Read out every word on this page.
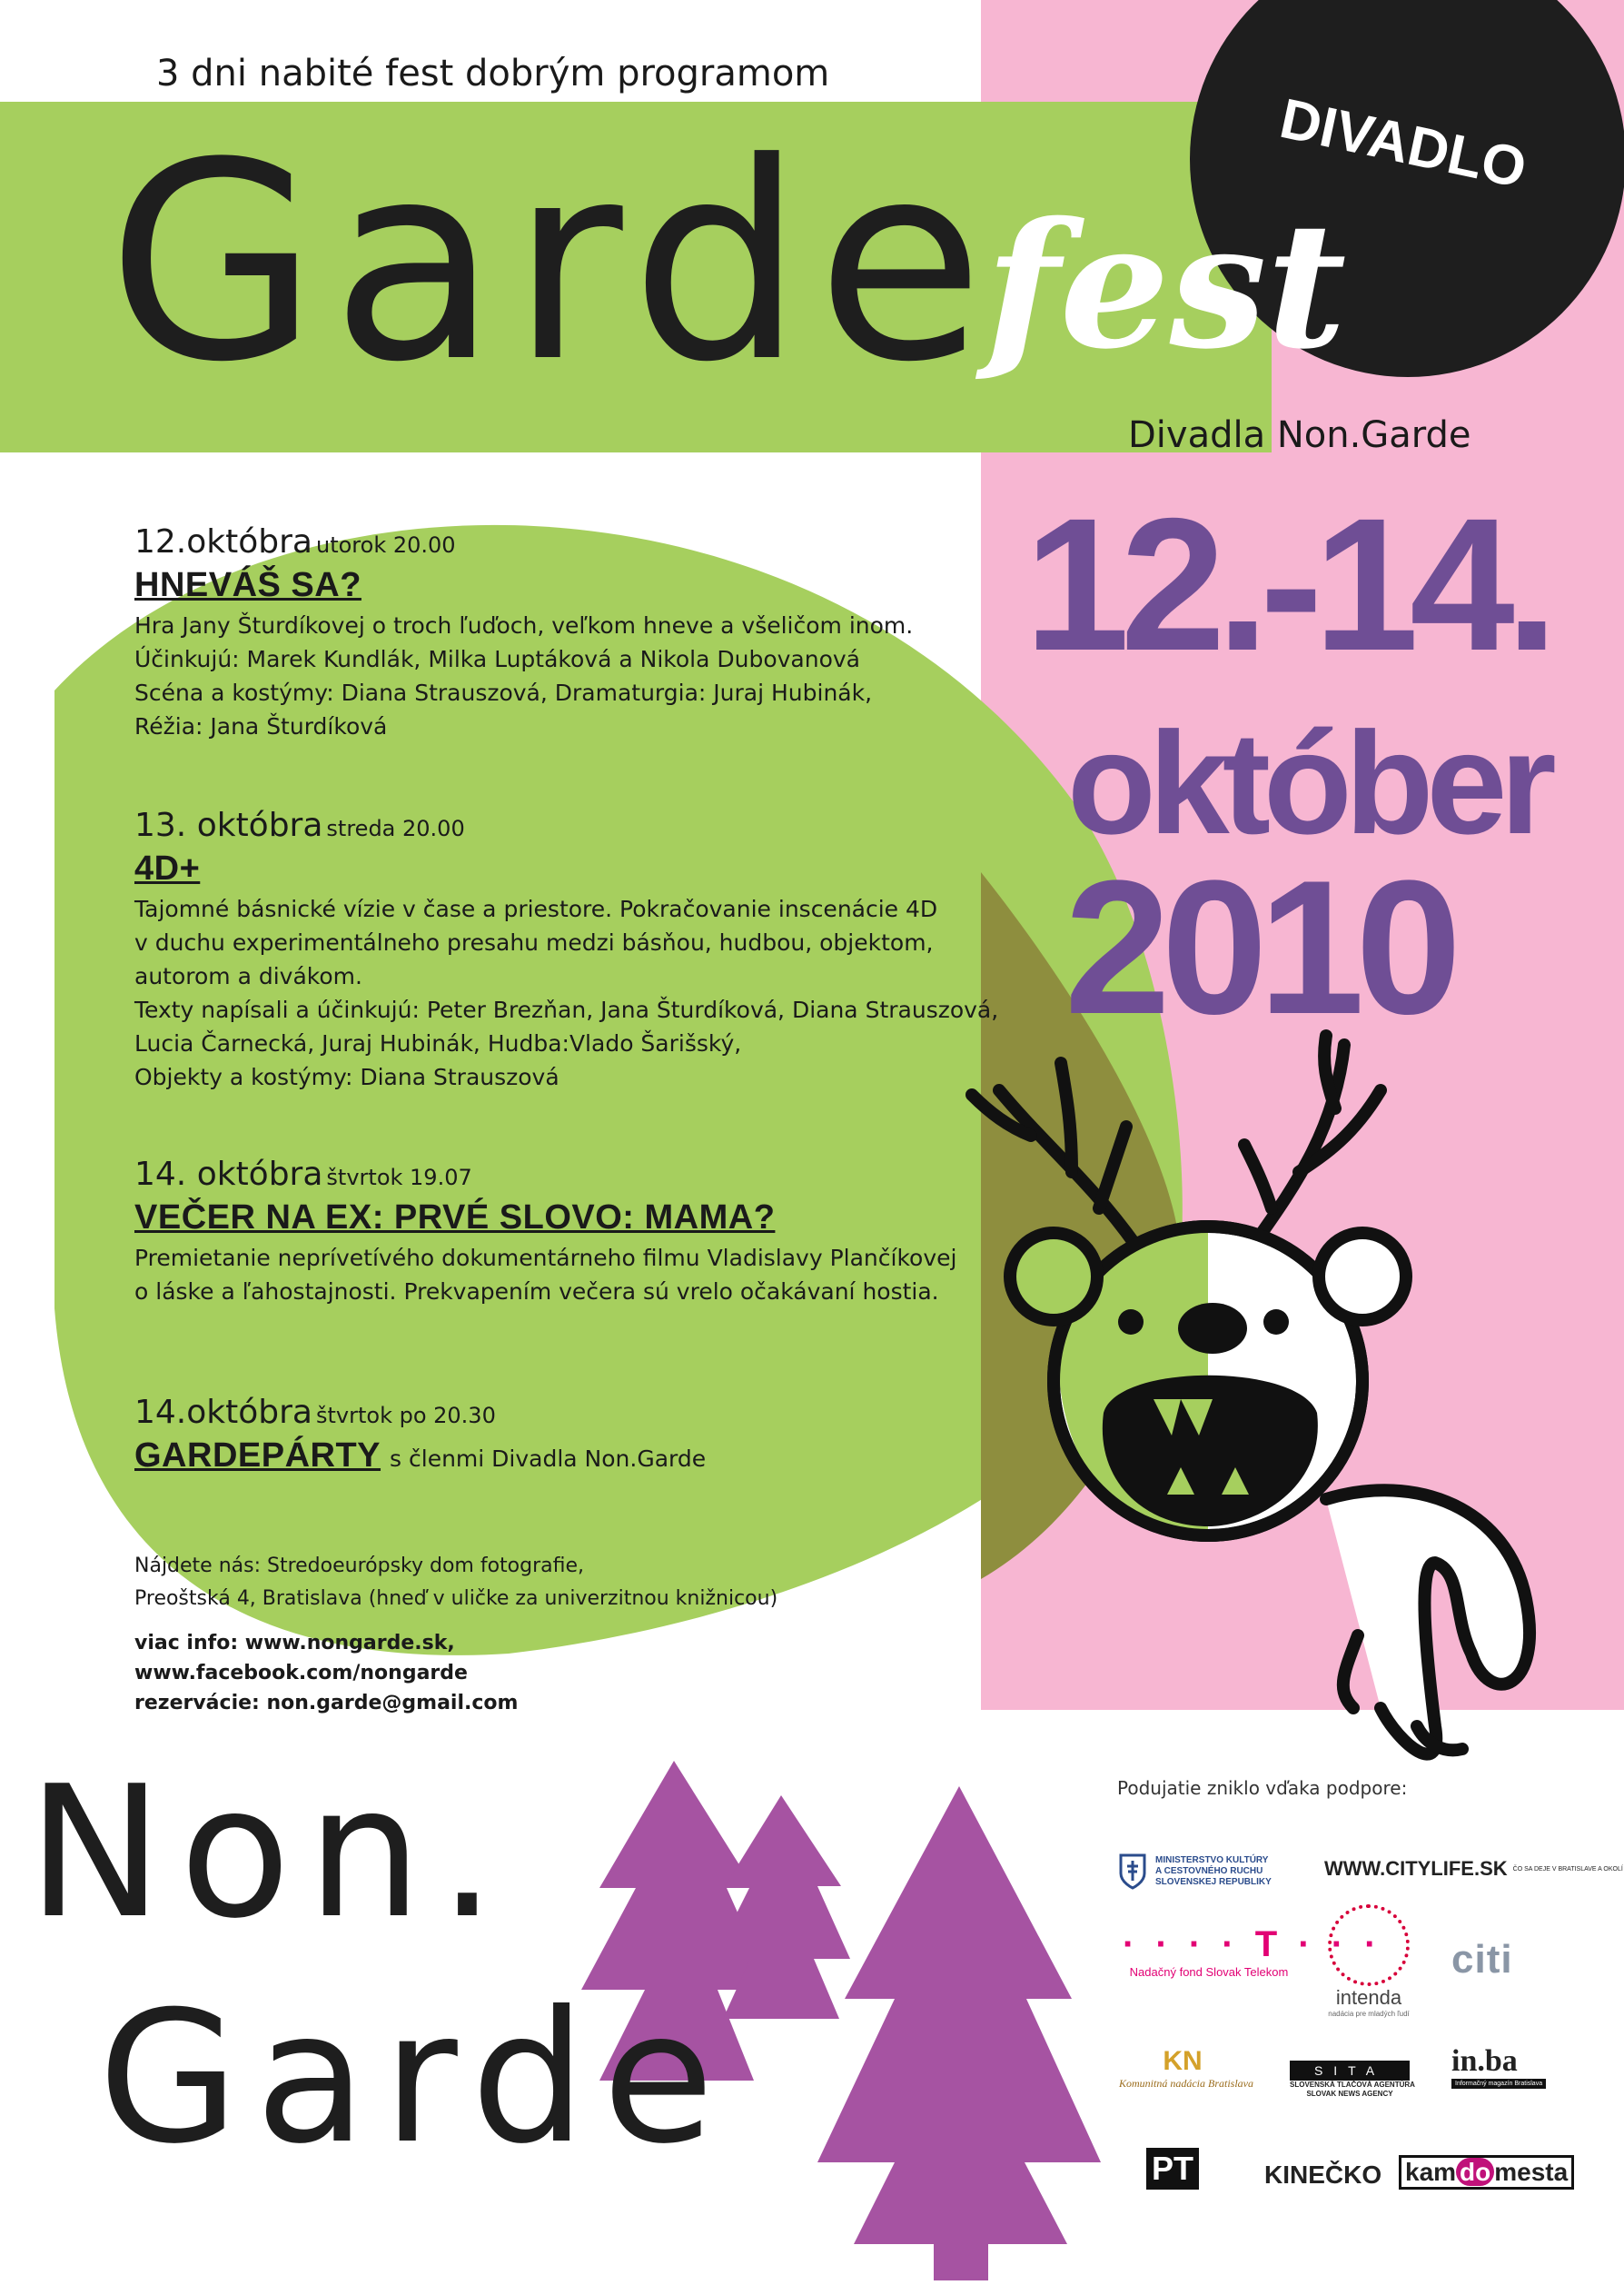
3 dni nabité fest dobrým programom
Garde
fest
DIVADLO
Divadla Non.Garde
12.-14.
október
2010
12.októbra utorok 20.00
HNEVÁŠ SA?
Hra Jany Šturdíkovej o troch ľuďoch, veľkom hneve a všeličom inom.
Účinkujú: Marek Kundlák, Milka Luptáková a Nikola Dubovanová
Scéna a kostýmy: Diana Strauszová, Dramaturgia: Juraj Hubinák,
Réžia: Jana Šturdíková
13. októbra streda 20.00
4D+
Tajomné básnické vízie v čase a priestore. Pokračovanie inscenácie 4D
v duchu experimentálneho presahu medzi básňou, hudbou, objektom,
autorom a divákom.
Texty napísali a účinkujú: Peter Brezňan, Jana Šturdíková, Diana Strauszová,
Lucia Čarnecká, Juraj Hubinák, Hudba:Vlado Šarišský,
Objekty a kostýmy: Diana Strauszová
14. októbra štvrtok 19.07
VEČER NA EX: PRVÉ SLOVO: MAMA?
Premietanie neprívetívého dokumentárneho filmu Vladislavy Plančíkovej
o láske a ľahostajnosti. Prekvapením večera sú vrelo očakávaní hostia.
14.októbra štvrtok po 20.30
GARDEPÁRTY s členmi Divadla Non.Garde
Nájdete nás: Stredoeurópsky dom fotografie,
Preoštská 4, Bratislava (hneď v uličke za univerzitnou knižnicou)
viac info: www.nongarde.sk,
www.facebook.com/nongarde
rezervácie: non.garde@gmail.com
Non.
Garde
Podujatie zniklo vďaka podpore:
MINISTERSTVO KULTÚRY
A CESTOVNÉHO RUCHU
SLOVENSKEJ REPUBLIKY
WWW.CITYLIFE.SK ČO SA DEJE V BRATISLAVE A OKOLÍ
· · · · T · · ·
Nadačný fond Slovak Telekom
intenda
nadácia pre mladých ľudí
citi
KN
Komunitná nadácia Bratislava
SITA
SLOVENSKÁ TLAČOVÁ AGENTÚRA
SLOVAK NEWS AGENCY
in.ba
Informačný magazín Bratislava
PT	KINEČKO kam do mesta
